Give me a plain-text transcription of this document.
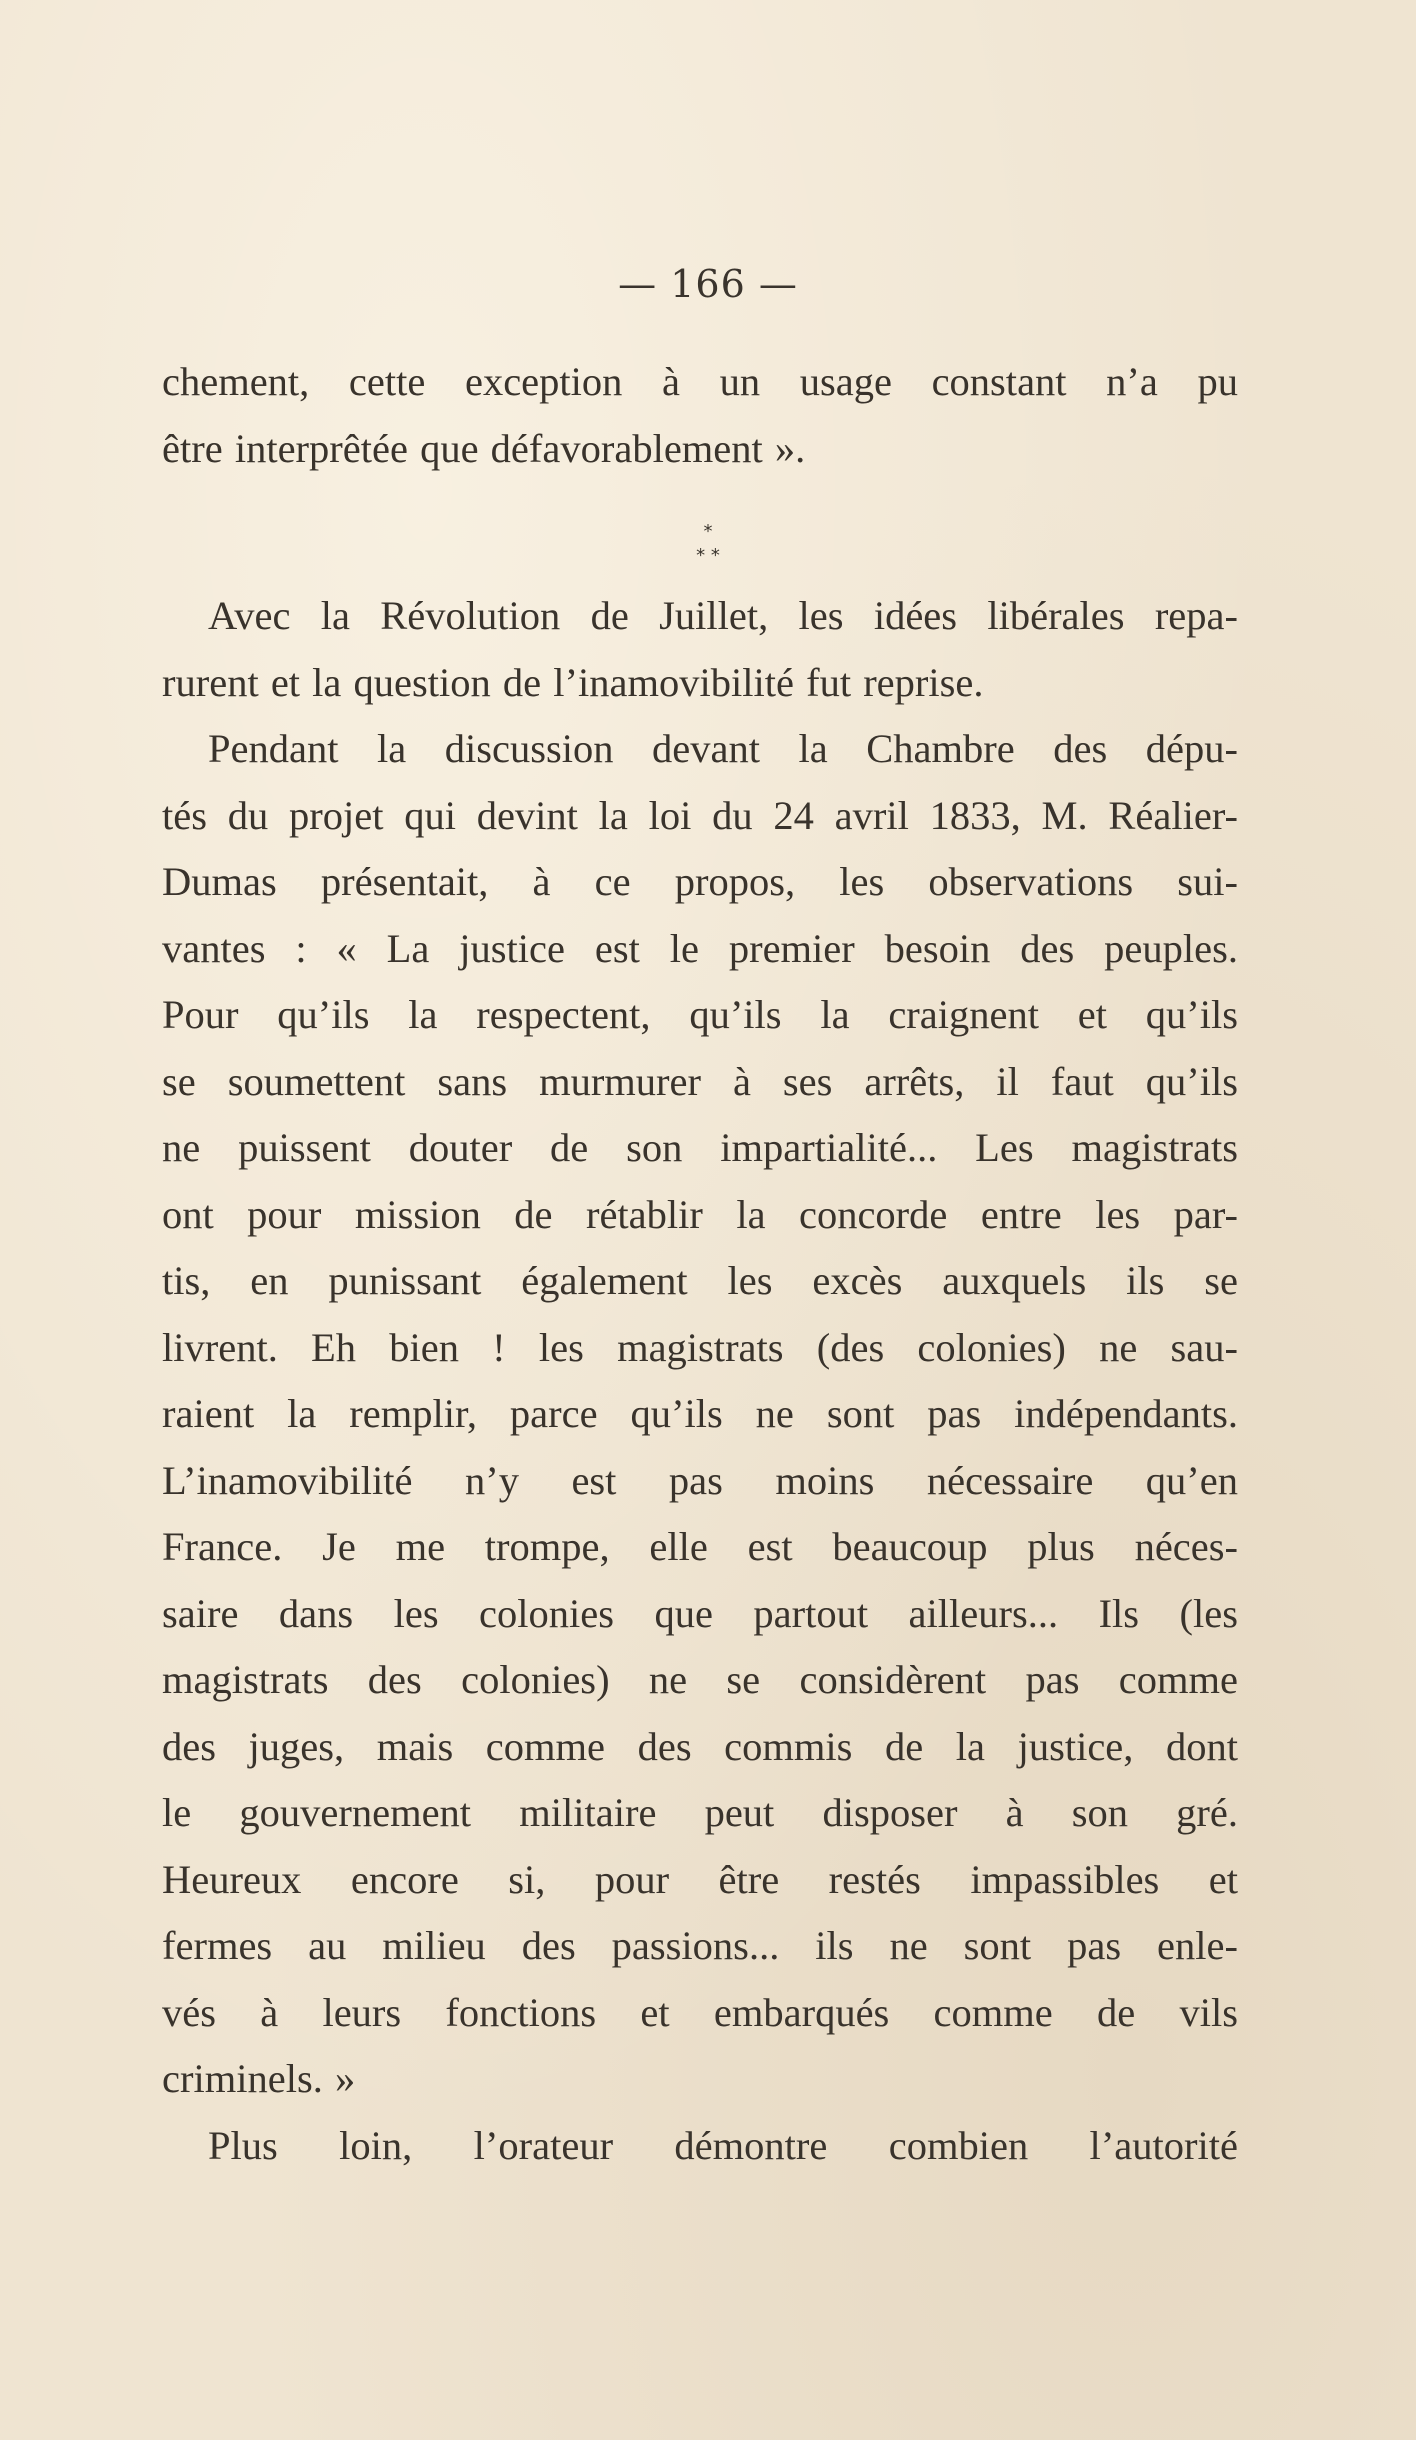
— 166 —
chement, cette exception à un usage constant n’a pu
être interprêtée que défavorablement ».
*
* *
Avec la Révolution de Juillet, les idées libérales repa-
rurent et la question de l’inamovibilité fut reprise.
Pendant la discussion devant la Chambre des dépu-
tés du projet qui devint la loi du 24 avril 1833, M. Réalier-
Dumas présentait, à ce propos, les observations sui-
vantes : « La justice est le premier besoin des peuples.
Pour qu’ils la respectent, qu’ils la craignent et qu’ils
se soumettent sans murmurer à ses arrêts, il faut qu’ils
ne puissent douter de son impartialité... Les magistrats
ont pour mission de rétablir la concorde entre les par-
tis, en punissant également les excès auxquels ils se
livrent. Eh bien ! les magistrats (des colonies) ne sau-
raient la remplir, parce qu’ils ne sont pas indépendants.
L’inamovibilité n’y est pas moins nécessaire qu’en
France. Je me trompe, elle est beaucoup plus néces-
saire dans les colonies que partout ailleurs... Ils (les
magistrats des colonies) ne se considèrent pas comme
des juges, mais comme des commis de la justice, dont
le gouvernement militaire peut disposer à son gré.
Heureux encore si, pour être restés impassibles et
fermes au milieu des passions... ils ne sont pas enle-
vés à leurs fonctions et embarqués comme de vils
criminels. »
Plus loin, l’orateur démontre combien l’autorité
